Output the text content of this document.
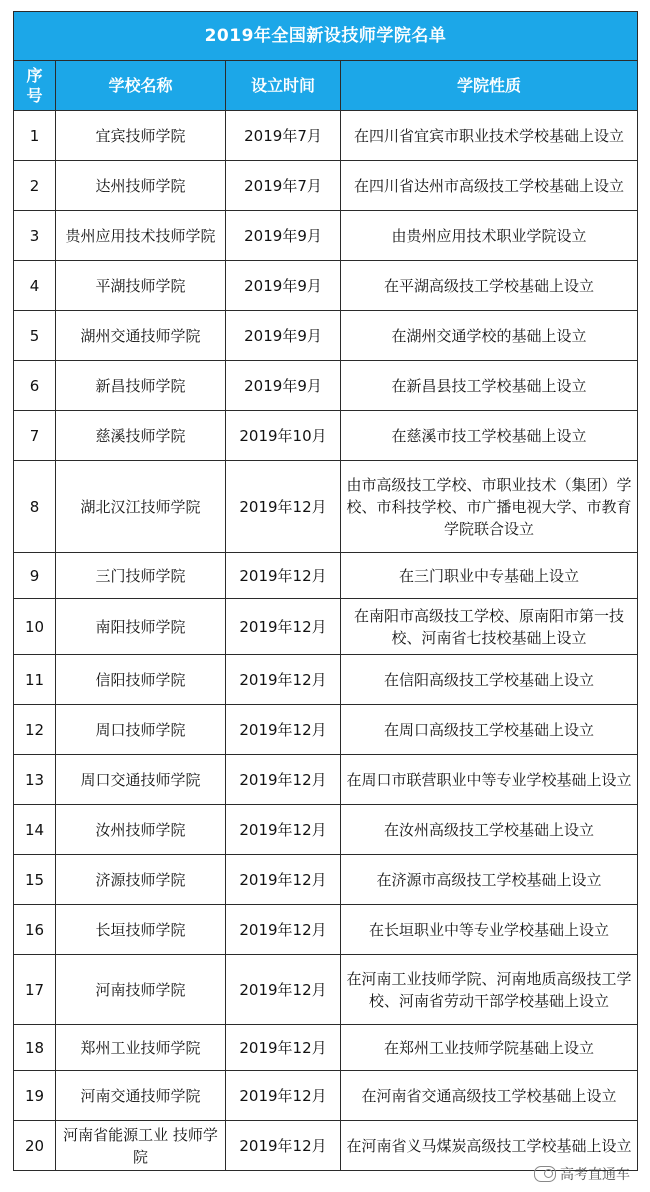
2019年全国新设技师学院名单			
序号	学校名称	设立时间	学院性质
1	宜宾技师学院	2019年7月	在四川省宜宾市职业技术学校基础上设立
2	达州技师学院	2019年7月	在四川省达州市高级技工学校基础上设立
3	贵州应用技术技师学院	2019年9月	由贵州应用技术职业学院设立
4	平湖技师学院	2019年9月	在平湖高级技工学校基础上设立
5	湖州交通技师学院	2019年9月	在湖州交通学校的基础上设立
6	新昌技师学院	2019年9月	在新昌县技工学校基础上设立
7	慈溪技师学院	2019年10月	在慈溪市技工学校基础上设立
8	湖北汉江技师学院	2019年12月	由市高级技工学校、市职业技术（集团）学校、市科技学校、市广播电视大学、市教育学院联合设立
9	三门技师学院	2019年12月	在三门职业中专基础上设立
10	南阳技师学院	2019年12月	在南阳市高级技工学校、原南阳市第一技校、河南省七技校基础上设立
11	信阳技师学院	2019年12月	在信阳高级技工学校基础上设立
12	周口技师学院	2019年12月	在周口高级技工学校基础上设立
13	周口交通技师学院	2019年12月	在周口市联营职业中等专业学校基础上设立
14	汝州技师学院	2019年12月	在汝州高级技工学校基础上设立
15	济源技师学院	2019年12月	在济源市高级技工学校基础上设立
16	长垣技师学院	2019年12月	在长垣职业中等专业学校基础上设立
17	河南技师学院	2019年12月	在河南工业技师学院、河南地质高级技工学校、河南省劳动干部学校基础上设立
18	郑州工业技师学院	2019年12月	在郑州工业技师学院基础上设立
19	河南交通技师学院	2019年12月	在河南省交通高级技工学校基础上设立
20	河南省能源工业 技师学院	2019年12月	在河南省义马煤炭高级技工学校基础上设立
高考直通车
